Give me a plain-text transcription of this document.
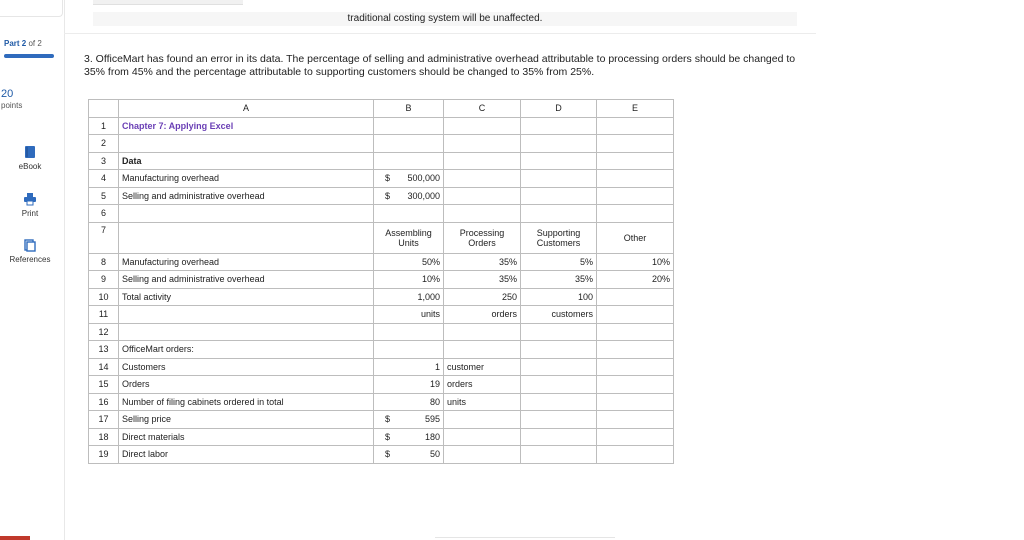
Part 2 of 2
20
points
eBook
Print
References
traditional costing system will be unaffected.
3. OfficeMart has found an error in its data. The percentage of selling and administrative overhead attributable to processing orders should be changed to 35% from 45% and the percentage attributable to supporting customers should be changed to 35% from 25%.
	A	B	C	D	E
1	Chapter 7: Applying Excel				
2					
3	Data				
4	Manufacturing overhead	$ 500,000			

5	Selling and administrative overhead	$ 300,000			

6					
7		Assembling Units	Processing Orders	Supporting Customers	Other
8	Manufacturing overhead	50%	35%	5%	10%
9	Selling and administrative overhead	10%	35%	35%	20%
10	Total activity	1,000	250	100	
11		units	orders	customers	
12					
13	OfficeMart orders:				
14	Customers	1	customer		
15	Orders	19	orders		
16	Number of filing cabinets ordered in total	80	units		
17	Selling price	$ 595			

18	Direct materials	$ 180			

19	Direct labor	$ 50			
